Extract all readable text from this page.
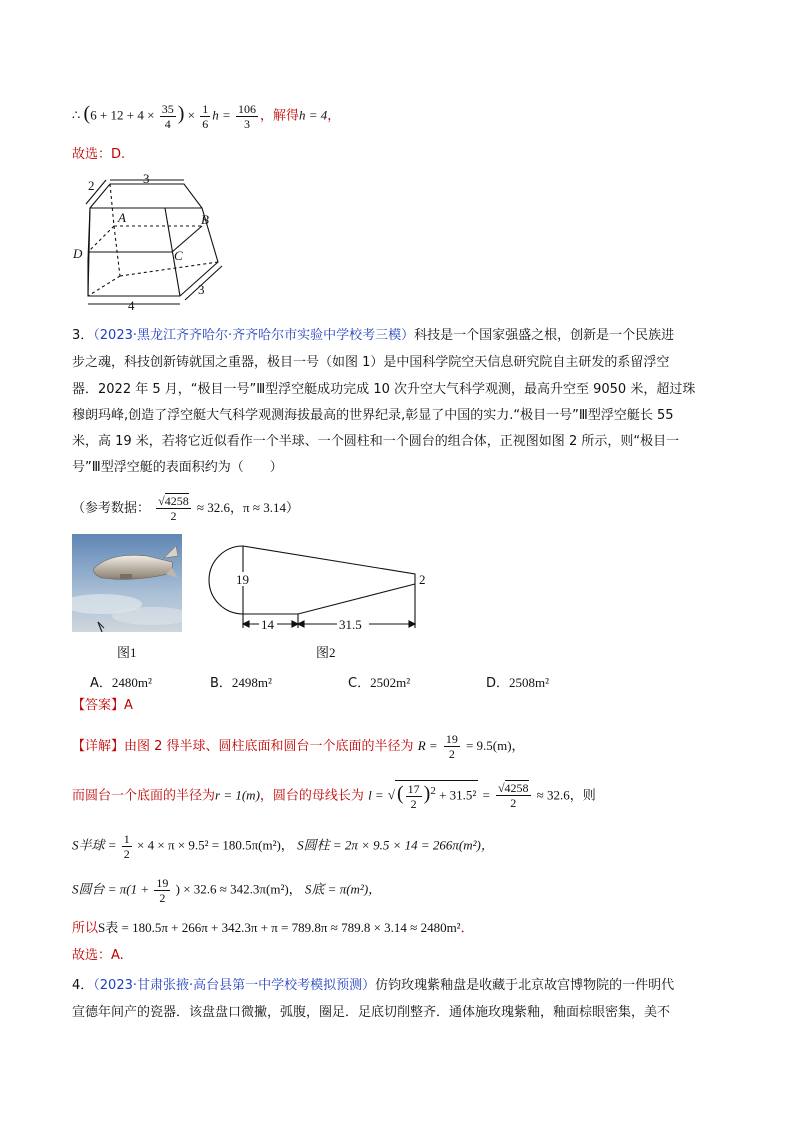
∴ ($6 + 12 + 4 \times \frac{35}{4}$ ) × $\frac{1}{6}$ $h = \frac{106}{3}$ ，解得h = 4，
故选：D.
3
2
A	B
C
D
4
3
3．（2023·黑龙江齐齐哈尔·齐齐哈尔市实验中学校考三模）科技是一个国家强盛之根，创新是一个民族进
步之魂，科技创新铸就国之重器，极目一号（如图 1）是中国科学院空天信息研究院自主研发的系留浮空
器．2022 年 5 月，“极目一号”Ⅲ型浮空艇成功完成 10 次升空大气科学观测，最高升空至 9050 米，超过珠
穆朗玛峰,创造了浮空艇大气科学观测海拔最高的世界纪录,彰显了中国的实力.“极目一号”Ⅲ型浮空艇长 55
米，高 19 米，若将它近似看作一个半球、一个圆柱和一个圆台的组合体，正视图如图 2 所示，则“极目一
号”Ⅲ型浮空艇的表面积约为（　　）
（参考数据： $\frac{√4258}{2} \approx 32.6$，π ≈ 3.14）
图1
19	2
14	31.5
图2
A．2480m²	B．2498m²	C．2502m²	D．2508m²
【答案】A
【详解】由图 2 得半球、圆柱底面和圆台一个底面的半径为 $R = \frac{19}{2} = 9.5(m)$，
而圆台一个底面的半径为r = 1(m)，圆台的母线长为 l = √ ( $\frac{17}{2} )^2 + 31.5^2 = \frac{√4258}{2} \approx 32.6$，则
S半球 = $\frac{1}{2} \times 4 \times \pi \times 9.5^2 = 180.5\pi(m^2)$， S圆柱 = 2π × 9.5 × 14 = 266π(m²)，
S圆台 = $\pi(1 + \frac{19}{2}$ ) × 32.6 ≈ 342.3π(m²)， S底 = π(m²)，
所以S表 = 180.5π + 266π + 342.3π + π = 789.8π ≈ 789.8 × 3.14 ≈ 2480m²．
故选：A.
4．（2023·甘肃张掖·高台县第一中学校考模拟预测）仿钧玫瑰紫釉盘是收藏于北京故宫博物院的一件明代
宣德年间产的瓷器．该盘盘口微撇，弧腹，圈足．足底切削整齐．通体施玫瑰紫釉，釉面棕眼密集，美不
